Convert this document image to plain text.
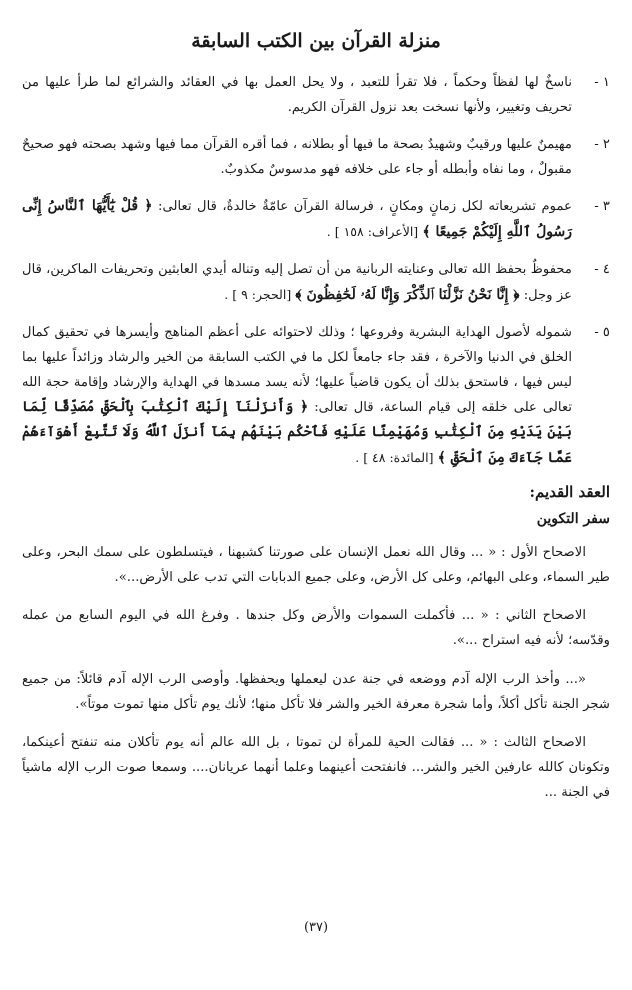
منزلة القرآن بين الكتب السابقة
١ -
ناسخٌ لها لفظاً وحكماً ، فلا تقرأ للتعبد ، ولا يحل العمل بها في العقائد والشرائع لما طرأ عليها من تحريف وتغيير، ولأنها نسخت بعد نزول القرآن الكريم.
٢ -
مهيمنٌ عليها ورقيبٌ وشهيدٌ بصحة ما فيها أو بطلانه ، فما أقره القرآن مما فيها وشهد بصحته فهو صحيحٌ مقبولٌ ، وما نفاه وأبطله أو جاء على خلافه فهو مدسوسٌ مكذوبٌ.
٣ -
عموم تشريعاته لكل زمانٍ ومكانٍ ، فرسالة القرآن عامّةٌ خالدةٌ، قال تعالى: ﴿ قُلْ يَٰٓأَيُّهَا ٱلنَّاسُ إِنِّى رَسُولُ ٱللَّهِ إِلَيْكُمْ جَمِيعًا ﴾ [الأعراف: ١٥٨ ] .
٤ -
محفوظٌ بحفظ الله تعالى وعنايته الربانية من أن تصل إليه وتناله أيدي العابثين وتحريفات الماكرين، قال عز وجل: ﴿ إِنَّا نَحْنُ نَزَّلْنَا ٱلذِّكْرَ وَإِنَّا لَهُۥ لَحَٰفِظُونَ ﴾ [الحجر: ٩ ] .
٥ -
شموله لأصول الهداية البشرية وفروعها ؛ وذلك لاحتوائه على أعظم المناهج وأيسرها في تحقيق كمال الخلق في الدنيا والآخرة ، فقد جاء جامعاً لكل ما في الكتب السابقة من الخير والرشاد وزائداً عليها بما ليس فيها ، فاستحق بذلك أن يكون قاضياً عليها؛ لأنه يسد مسدها في الهداية والإرشاد وإقامة حجة الله تعالى على خلقه إلى قيام الساعة، قال تعالى: ﴿ وَأَنزَلْنَآ إِلَيْكَ ٱلْكِتَٰبَ بِٱلْحَقِّ مُصَدِّقًا لِّمَا بَيْنَ يَدَيْهِ مِنَ ٱلْكِتَٰبِ وَمُهَيْمِنًا عَلَيْهِ فَٱحْكُم بَيْنَهُم بِمَآ أَنزَلَ ٱللَّهُ وَلَا تَتَّبِعْ أَهْوَآءَهُمْ عَمَّا جَآءَكَ مِنَ ٱلْحَقِّ ﴾ [المائدة: ٤٨ ] .
العقد القديم:
سفر التكوين

الاصحاح الأول : « ... وقال الله نعمل الإنسان على صورتنا كشبهنا ، فيتسلطون على سمك البحر، وعلى طير السماء، وعلى البهائم، وعلى كل الأرض، وعلى جميع الدبابات التي تدب على الأرض...».

الاصحاح الثاني : « ... فأكملت السموات والأرض وكل جندها . وفرغ الله في اليوم السابع من عمله وقدّسه؛ لأنه فيه استراح ...».

«... وأخذ الرب الإله آدم ووضعه في جنة عدن ليعملها ويحفظها. وأوصى الرب الإله آدم قائلاً: من جميع شجر الجنة تأكل أكلاً، وأما شجرة معرفة الخير والشر فلا تأكل منها؛ لأنك يوم تأكل منها تموت موتاً».

الاصحاح الثالث : « ... فقالت الحية للمرأة لن تموتا ، بل الله عالم أنه يوم تأكلان منه تنفتح أعينكما، وتكونان كالله عارفين الخير والشر... فانفتحت أعينهما وعلما أنهما عريانان.... وسمعا صوت الرب الإله ماشياً في الجنة ...

(٣٧)
